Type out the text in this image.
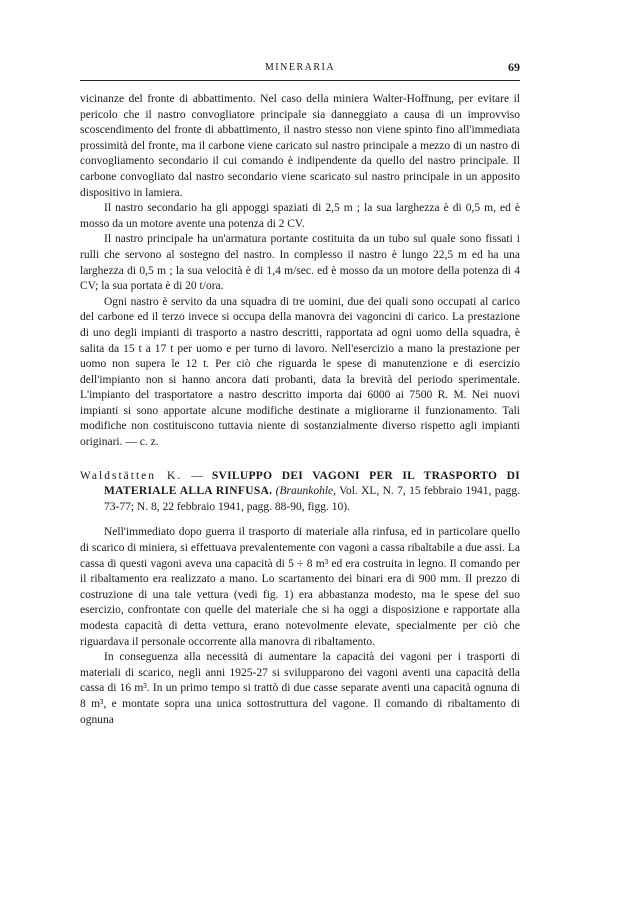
MINERARIA	69

vicinanze del fronte di abbattimento. Nel caso della miniera Walter-Hoffnung, per evitare il pericolo che il nastro convogliatore principale sia danneggiato a causa di un improvviso scoscendimento del fronte di abbattimento, il nastro stesso non viene spinto fino all'immediata prossimità del fronte, ma il carbone viene caricato sul nastro principale a mezzo di un nastro di convogliamento secondario il cui comando è indipendente da quello del nastro principale. Il carbone convogliato dal nastro secondario viene scaricato sul nastro principale in un apposito dispositivo in lamiera.

Il nastro secondario ha gli appoggi spaziati di 2,5 m ; la sua larghezza è di 0,5 m, ed è mosso da un motore avente una potenza di 2 CV.

Il nastro principale ha un'armatura portante costituita da un tubo sul quale sono fissati i rulli che servono al sostegno del nastro. In complesso il nastro è lungo 22,5 m ed ha una larghezza di 0,5 m ; la sua velocità è di 1,4 m/sec. ed è mosso da un motore della potenza di 4 CV; la sua portata è di 20 t/ora.

Ogni nastro è servito da una squadra di tre uomini, due dei quali sono occupati al carico del carbone ed il terzo invece si occupa della manovra dei vagoncini di carico. La prestazione di uno degli impianti di trasporto a nastro descritti, rapportata ad ogni uomo della squadra, è salita da 15 t a 17 t per uomo e per turno di lavoro. Nell'esercizio a mano la prestazione per uomo non supera le 12 t. Per ciò che riguarda le spese di manutenzione e di esercizio dell'impianto non si hanno ancora dati probanti, data la brevità del periodo sperimentale. L'impianto del trasportatore a nastro descritto importa dai 6000 ai 7500 R. M. Nei nuovi impianti si sono apportate alcune modifiche destinate a migliorarne il funzionamento. Tali modifiche non costituiscono tuttavia niente di sostanzialmente diverso rispetto agli impianti originari. — c. z.

Waldstätten K. — SVILUPPO DEI VAGONI PER IL TRASPORTO DI MATERIALE ALLA RINFUSA. (Braunkohle, Vol. XL, N. 7, 15 febbraio 1941, pagg. 73-77; N. 8, 22 febbraio 1941, pagg. 88-90, figg. 10).

Nell'immediato dopo guerra il trasporto di materiale alla rinfusa, ed in particolare quello di scarico di miniera, si effettuava prevalentemente con vagoni a cassa ribaltabile a due assi. La cassa di questi vagoni aveva una capacità di 5 ÷ 8 m³ ed era costruita in legno. Il comando per il ribaltamento era realizzato a mano. Lo scartamento dei binari era di 900 mm. Il prezzo di costruzione di una tale vettura (vedi fig. 1) era abbastanza modesto, ma le spese del suo esercizio, confrontate con quelle del materiale che si ha oggi a disposizione e rapportate alla modesta capacità di detta vettura, erano notevolmente elevate, specialmente per ciò che riguardava il personale occorrente alla manovra di ribaltamento.

In conseguenza alla necessità di aumentare la capacità dei vagoni per i trasporti di materiali di scarico, negli anni 1925-27 si svilupparono dei vagoni aventi una capacità della cassa di 16 m³. In un primo tempo si trattò di due casse separate aventi una capacità ognuna di 8 m³, e montate sopra una unica sottostruttura del vagone. Il comando di ribaltamento di ognuna
